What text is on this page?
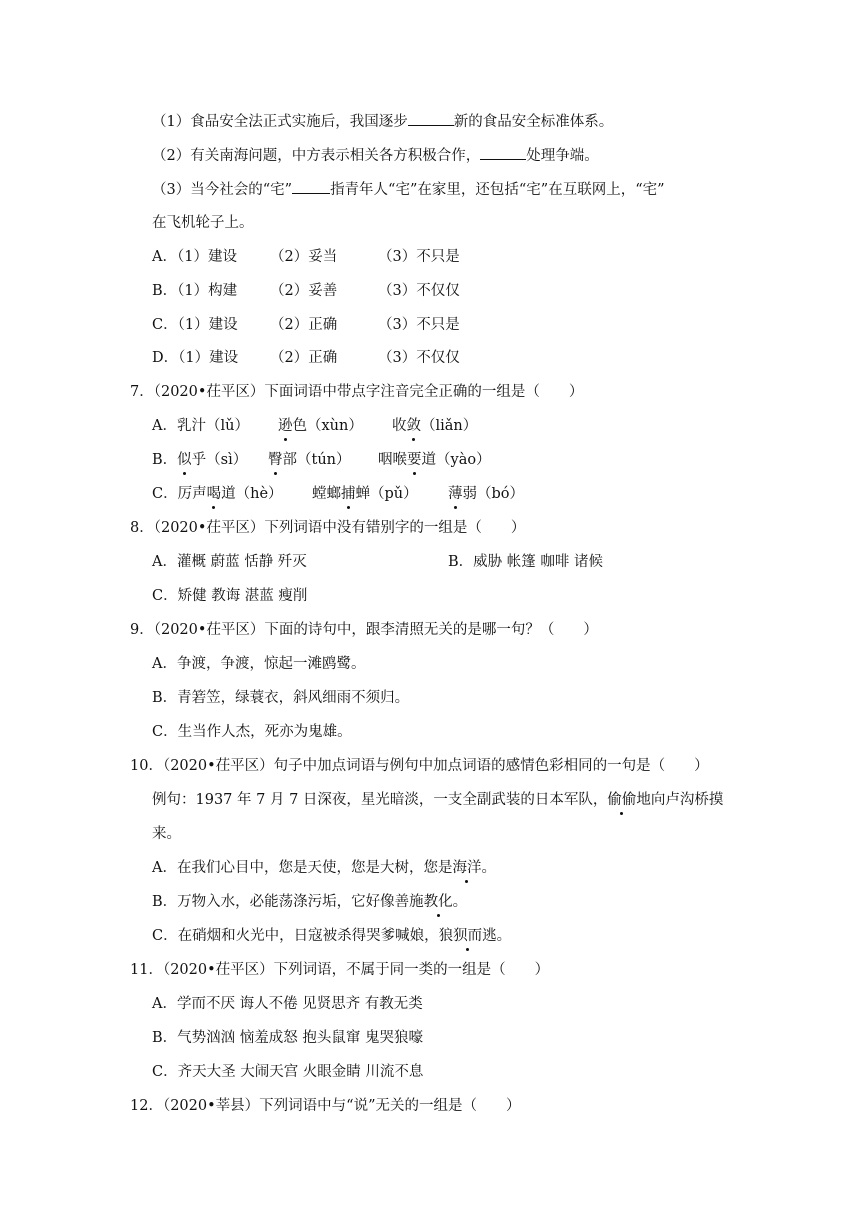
（1）食品安全法正式实施后，我国逐步	新的食品安全标准体系。
（2）有关南海问题，中方表示相关各方积极合作，	处理争端。
（3）当今社会的“宅”	指青年人“宅”在家里，还包括“宅”在互联网上，“宅”
在飞机轮子上。
A．（1）建设 （2）妥当	（3）不只是
B．（1）构建 （2）妥善	（3）不仅仅
C．（1）建设 （2）正确	（3）不只是
D．（1）建设 （2）正确	（3）不仅仅
7．（2020•茌平区）下面词语中带点字注音完全正确的一组是（　　）
A．乳汁（lǔ） 逊色（xùn） 收敛（liǎn）
B．似乎（sì） 臀部（tún） 咽喉要道（yào）
C．厉声喝道（hè） 螳螂捕蝉（pǔ） 薄弱（bó）
8．（2020•茌平区）下列词语中没有错别字的一组是（　　）
A．灌概 蔚蓝 恬静 歼灭	B．威胁 帐篷 咖啡 诸候
C．矫健 教诲 湛蓝 瘦削
9．（2020•茌平区）下面的诗句中，跟李清照无关的是哪一句？（　　）
A．争渡，争渡，惊起一滩鸥鹭。
B．青箬笠，绿蓑衣，斜风细雨不须归。
C．生当作人杰，死亦为鬼雄。
10．（2020•茌平区）句子中加点词语与例句中加点词语的感情色彩相同的一句是（　　）
例句：1937 年 7 月 7 日深夜，星光暗淡，一支全副武装的日本军队，偷偷地向卢沟桥摸
来。
A．在我们心目中，您是天使，您是大树，您是海洋。
B．万物入水，必能荡涤污垢，它好像善施教化。
C．在硝烟和火光中，日寇被杀得哭爹喊娘，狼狈而逃。
11．（2020•茌平区）下列词语，不属于同一类的一组是（　　）
A．学而不厌 诲人不倦 见贤思齐 有教无类
B．气势汹汹 恼羞成怒 抱头鼠窜 鬼哭狼嚎
C．齐天大圣 大闹天宫 火眼金睛 川流不息
12．（2020•莘县）下列词语中与“说”无关的一组是（　　）
